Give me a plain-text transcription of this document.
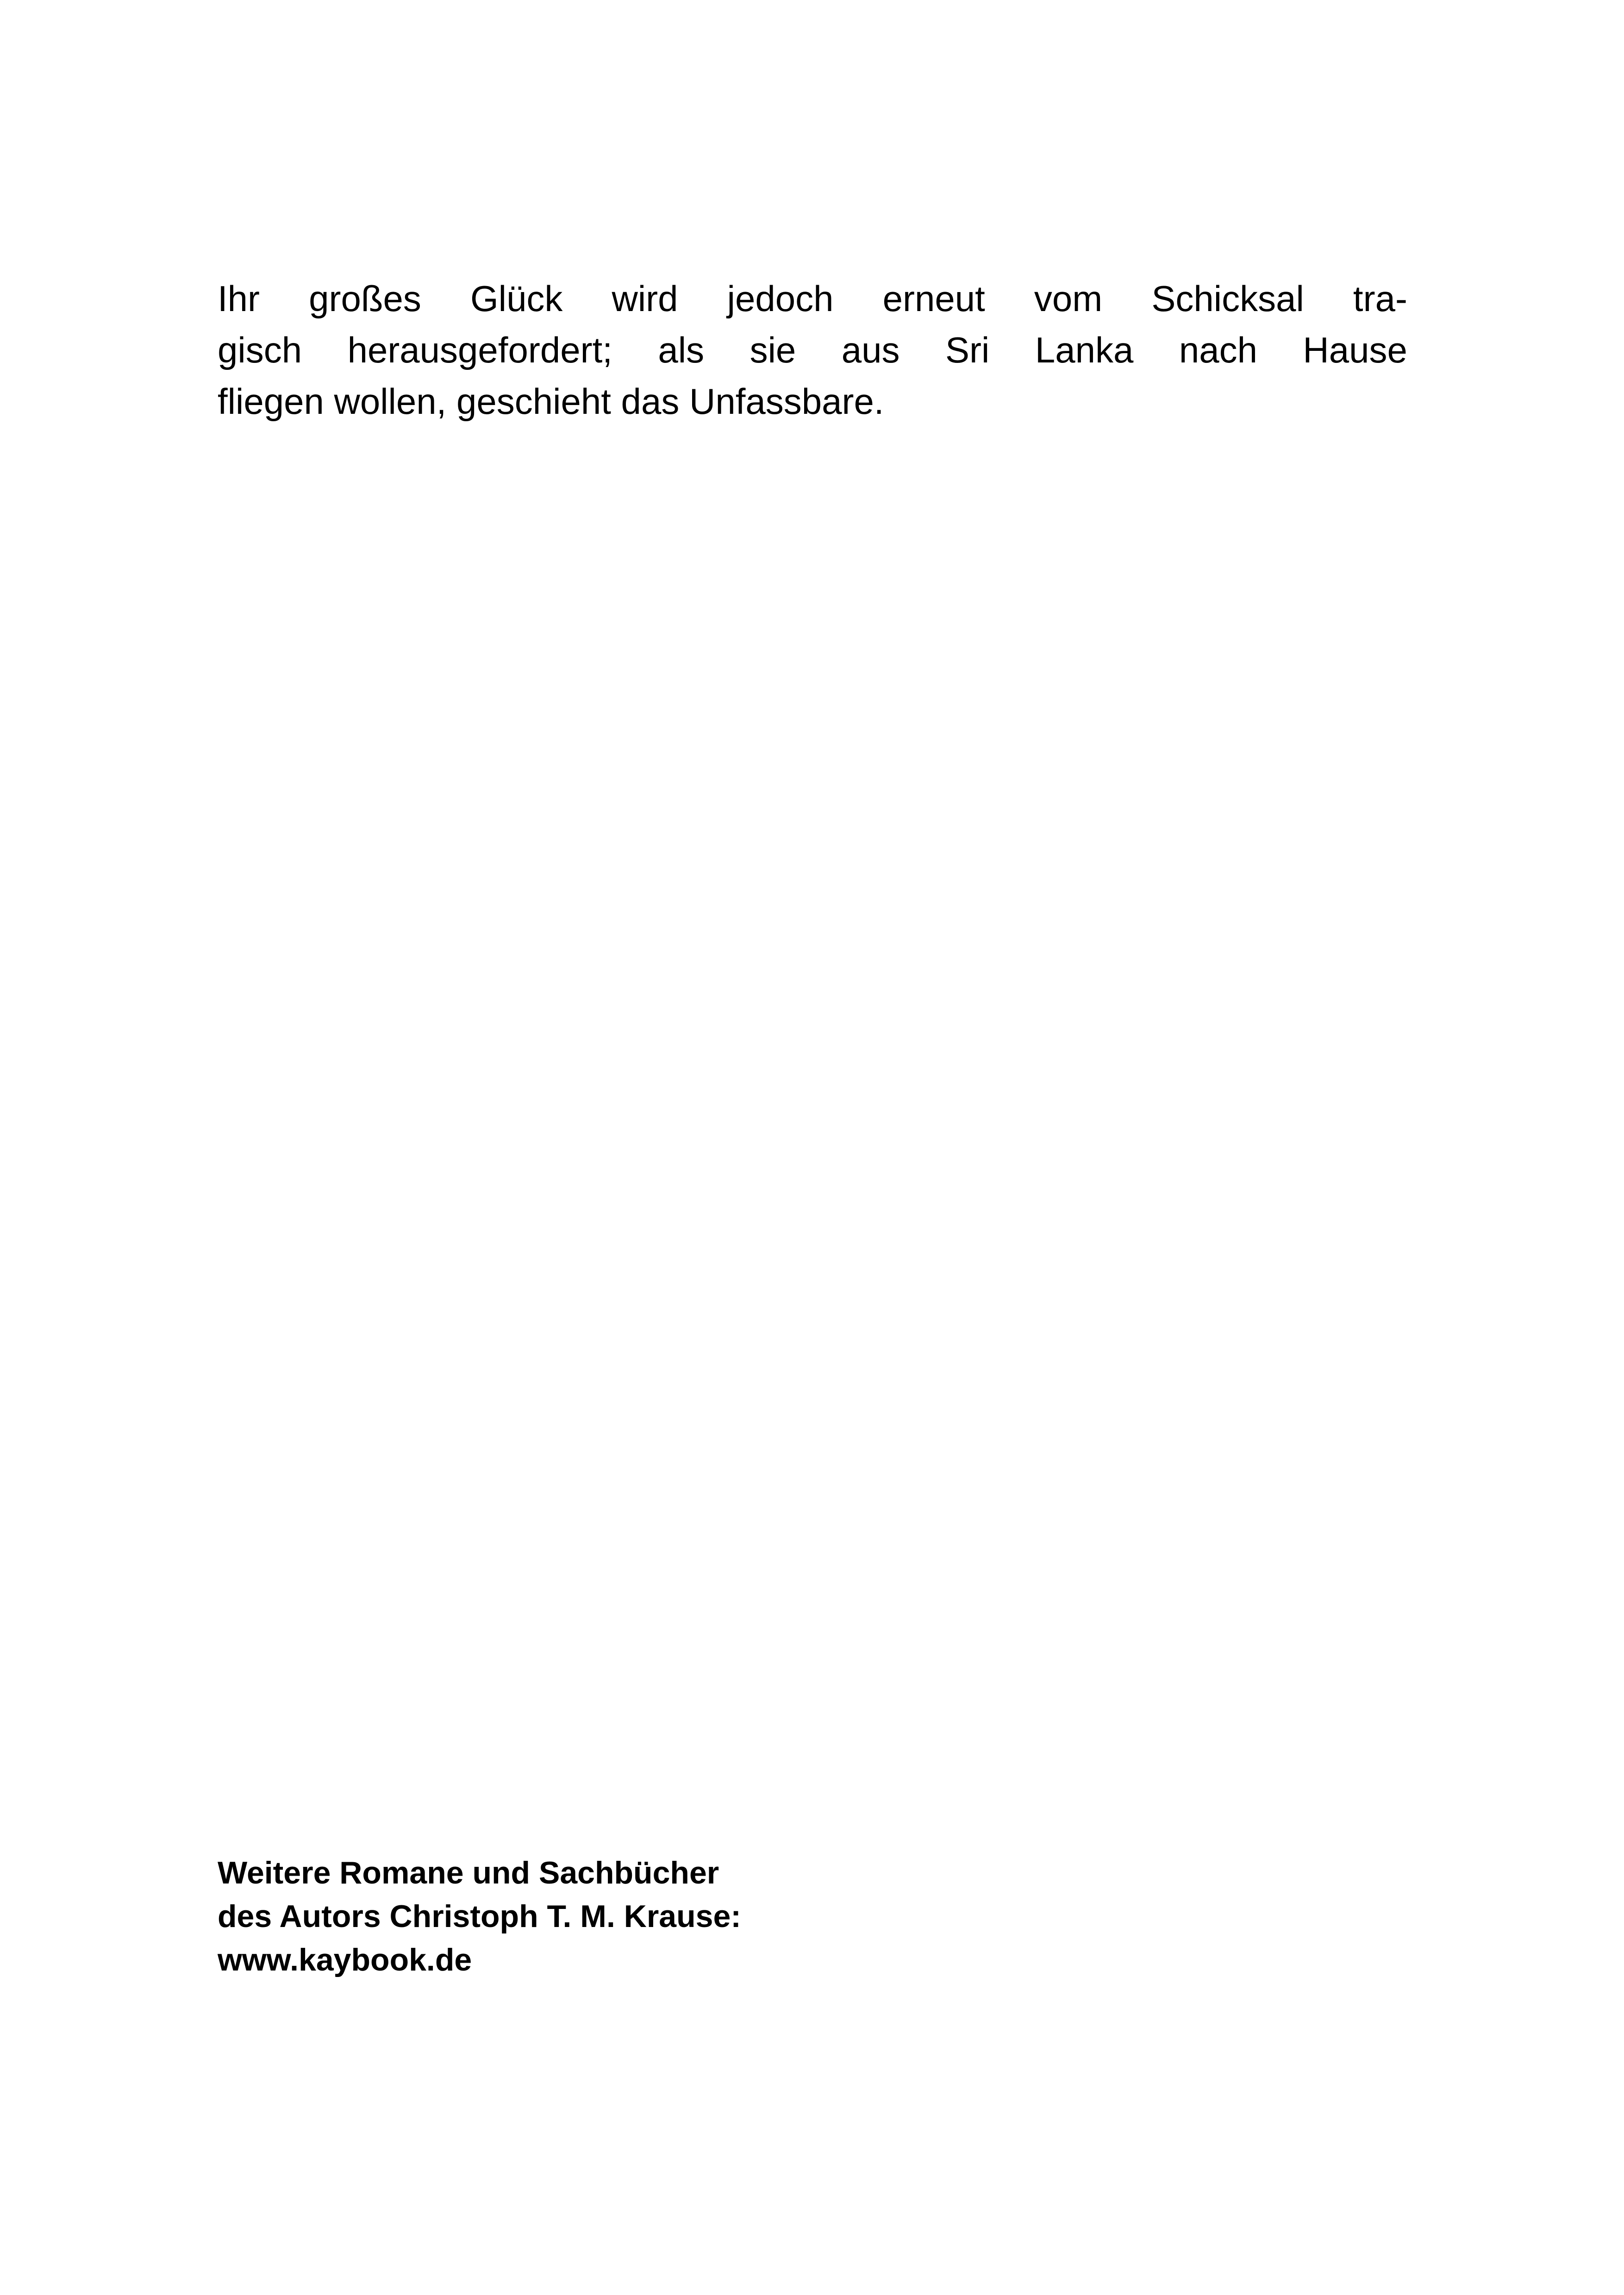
Ihr großes Glück wird jedoch erneut vom Schicksal tra-
gisch herausgefordert; als sie aus Sri Lanka nach Hause
fliegen wollen, geschieht das Unfassbare.
Weitere Romane und Sachbücher
des Autors Christoph T. M. Krause:
www.kaybook.de
